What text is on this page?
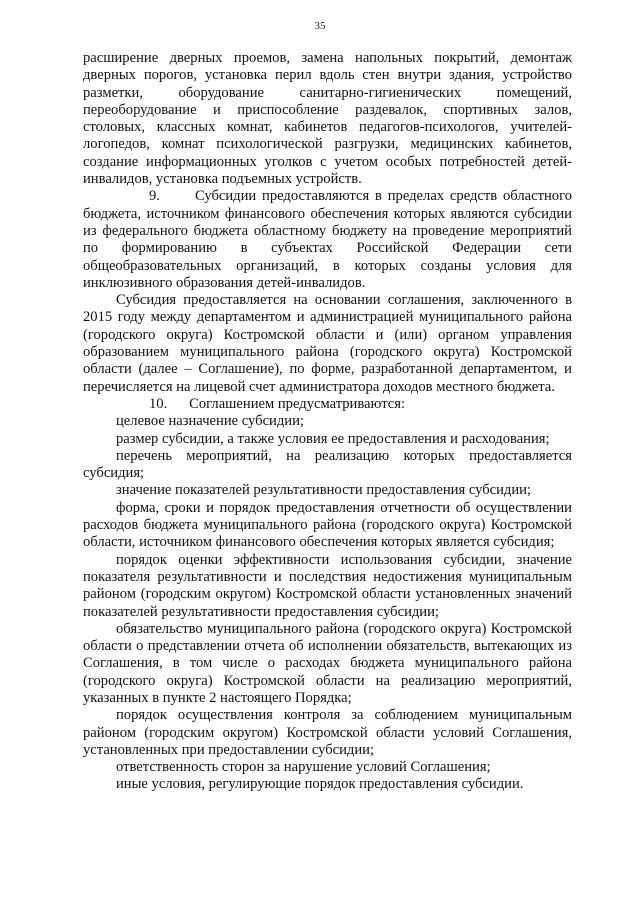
35

расширение дверных проемов, замена напольных покрытий, демонтаж дверных порогов, установка перил вдоль стен внутри здания, устройство разметки, оборудование санитарно-гигиенических помещений, переоборудование и приспособление раздевалок, спортивных залов, столовых, классных комнат, кабинетов педагогов-психологов, учителей-логопедов, комнат психологической разгрузки, медицинских кабинетов, создание информационных уголков с учетом особых потребностей детей-инвалидов, установка подъемных устройств.

9. Субсидии предоставляются в пределах средств областного бюджета, источником финансового обеспечения которых являются субсидии из федерального бюджета областному бюджету на проведение мероприятий по формированию в субъектах Российской Федерации сети общеобразовательных организаций, в которых созданы условия для инклюзивного образования детей-инвалидов.

Субсидия предоставляется на основании соглашения, заключенного в 2015 году между департаментом и администрацией муниципального района (городского округа) Костромской области и (или) органом управления образованием муниципального района (городского округа) Костромской области (далее – Соглашение), по форме, разработанной департаментом, и перечисляется на лицевой счет администратора доходов местного бюджета.

10. Соглашением предусматриваются:

целевое назначение субсидии;

размер субсидии, а также условия ее предоставления и расходования;

перечень мероприятий, на реализацию которых предоставляется субсидия;

значение показателей результативности предоставления субсидии;

форма, сроки и порядок предоставления отчетности об осуществлении расходов бюджета муниципального района (городского округа) Костромской области, источником финансового обеспечения которых является субсидия;

порядок оценки эффективности использования субсидии, значение показателя результативности и последствия недостижения муниципальным районом (городским округом) Костромской области установленных значений показателей результативности предоставления субсидии;

обязательство муниципального района (городского округа) Костромской области о представлении отчета об исполнении обязательств, вытекающих из Соглашения, в том числе о расходах бюджета муниципального района (городского округа) Костромской области на реализацию мероприятий, указанных в пункте 2 настоящего Порядка;

порядок осуществления контроля за соблюдением муниципальным районом (городским округом) Костромской области условий Соглашения, установленных при предоставлении субсидии;

ответственность сторон за нарушение условий Соглашения;

иные условия, регулирующие порядок предоставления субсидии.
